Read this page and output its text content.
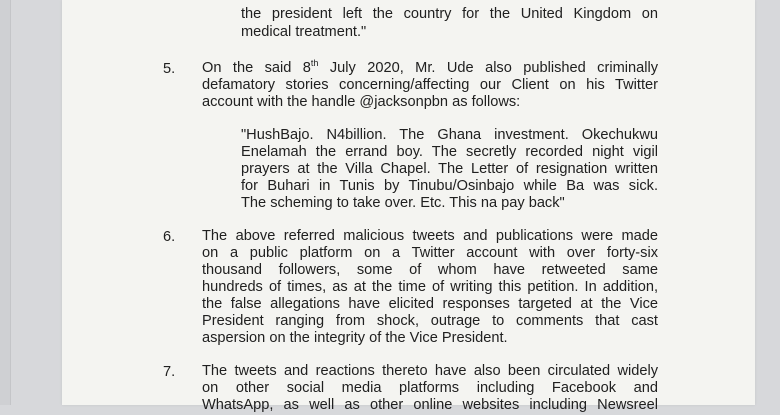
the president left the country for the United Kingdom on
medical treatment."
5. On the said 8th July 2020, Mr. Ude also published criminally
defamatory stories concerning/affecting our Client on his Twitter
account with the handle @jacksonpbn as follows:
"HushBajo. N4billion. The Ghana investment. Okechukwu
Enelamah the errand boy. The secretly recorded night vigil
prayers at the Villa Chapel. The Letter of resignation written
for Buhari in Tunis by Tinubu/Osinbajo while Ba was sick.
The scheming to take over. Etc. This na pay back"
6. The above referred malicious tweets and publications were made
on a public platform on a Twitter account with over forty-six
thousand followers, some of whom have retweeted same
hundreds of times, as at the time of writing this petition. In addition,
the false allegations have elicited responses targeted at the Vice
President ranging from shock, outrage to comments that cast
aspersion on the integrity of the Vice President.
7. The tweets and reactions thereto have also been circulated widely
on other social media platforms including Facebook and
WhatsApp, as well as other online websites including Newsreel
